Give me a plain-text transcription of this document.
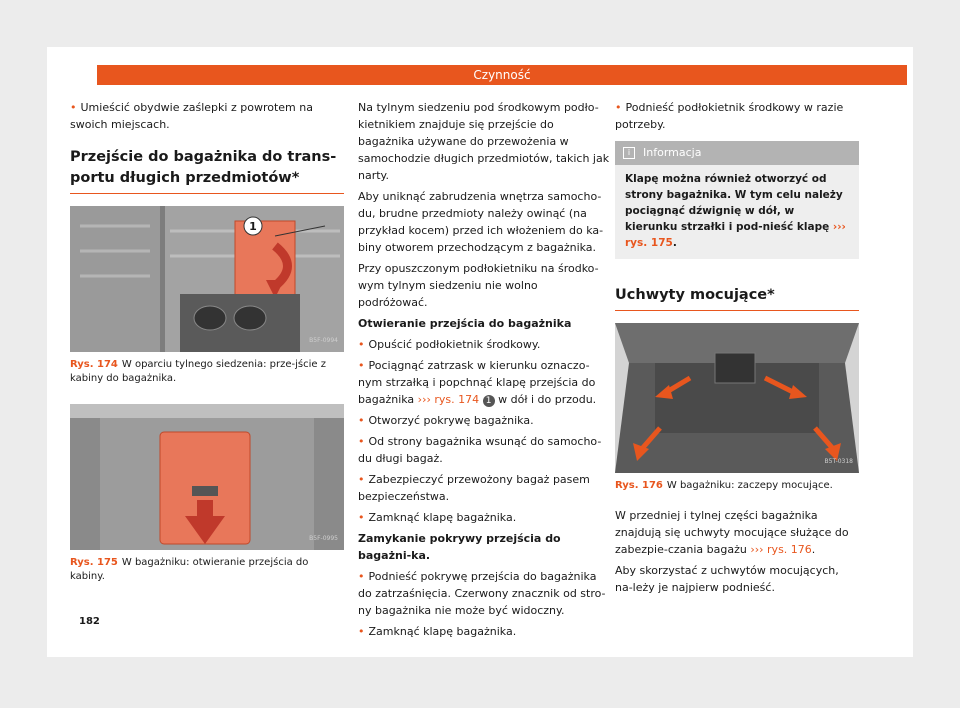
Czynność

• Umieścić obydwie zaślepki z powrotem na swoich miejscach.

Przejście do bagażnika do trans-
portu długich przedmiotów*
1
B5F-0994
Rys. 174 W oparciu tylnego siedzenia: prze-jście z kabiny do bagażnika.
B5F-0995
Rys. 175 W bagażniku: otwieranie przejścia do kabiny.

Na tylnym siedzeniu pod środkowym podło-kietnikiem znajduje się przejście do bagażnika używane do przewożenia w samochodzie długich przedmiotów, takich jak narty.

Aby uniknąć zabrudzenia wnętrza samocho-du, brudne przedmioty należy owinąć (na przykład kocem) przed ich włożeniem do ka-biny otworem przechodzącym z bagażnika.

Przy opuszczonym podłokietniku na środko-wym tylnym siedzeniu nie wolno podróżować.

Otwieranie przejścia do bagażnika

• Opuścić podłokietnik środkowy.

• Pociągnąć zatrzask w kierunku oznaczo-nym strzałką i popchnąć klapę przejścia do bagażnika ››› rys. 174 1 w dół i do przodu.

• Otworzyć pokrywę bagażnika.

• Od strony bagażnika wsunąć do samocho-du długi bagaż.

• Zabezpieczyć przewożony bagaż pasem bezpieczeństwa.

• Zamknąć klapę bagażnika.

Zamykanie pokrywy przejścia do bagażni-ka.

• Podnieść pokrywę przejścia do bagażnika do zatrzaśnięcia. Czerwony znacznik od stro-ny bagażnika nie może być widoczny.

• Zamknąć klapę bagażnika.

• Podnieść podłokietnik środkowy w razie potrzeby.

i Informacja
Klapę można również otworzyć od strony bagażnika. W tym celu należy pociągnąć dźwignię w dół, w kierunku strzałki i pod-nieść klapę ››› rys. 175.
Uchwyty mocujące*
B5T-0318
Rys. 176 W bagażniku: zaczepy mocujące.

W przedniej i tylnej części bagażnika znajdują się uchwyty mocujące służące do zabezpie-czania bagażu ››› rys. 176.

Aby skorzystać z uchwytów mocujących, na-leży je najpierw podnieść.

182
